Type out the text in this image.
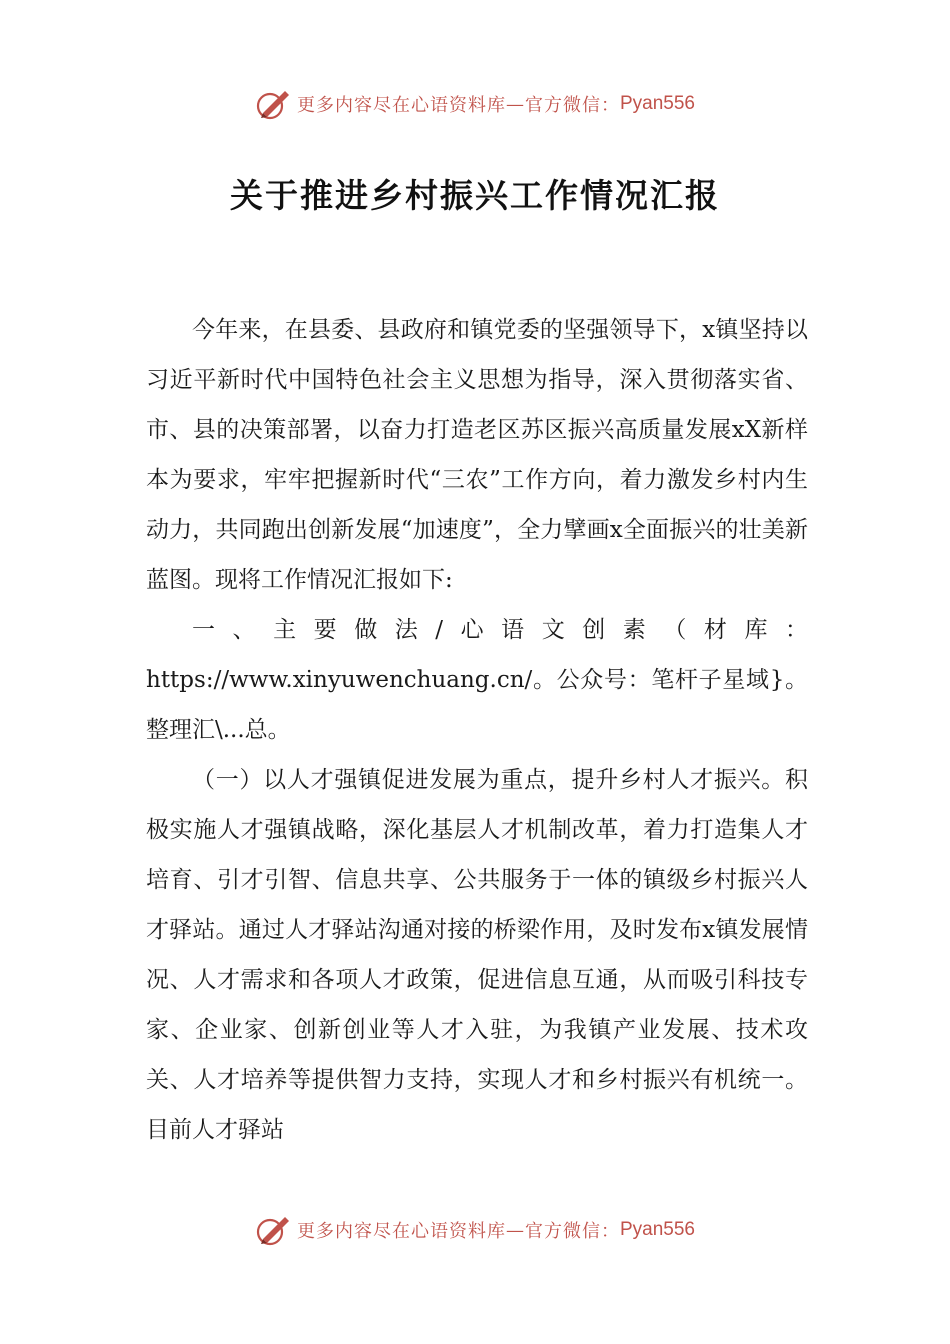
更多内容尽在心语资料库 — 官方微信： Pyan556
关于推进乡村振兴工作情况汇报

今年来，在县委、县政府和镇党委的坚强领导下，x镇坚持以习近平新时代中国特色社会主义思想为指导，深入贯彻落实省、市、县的决策部署，以奋力打造老区苏区振兴高质量发展xX新样本为要求，牢牢把握新时代“三农”工作方向，着力激发乡村内生动力，共同跑出创新发展“加速度”，全力擘画x全面振兴的壮美新蓝图。现将工作情况汇报如下:

一、主要做法/心语文创素（材库：https://www.xinyuwenchuang.cn/。公众号：笔杆子星域}。整理汇\...总。

（一）以人才强镇促进发展为重点，提升乡村人才振兴。积极实施人才强镇战略，深化基层人才机制改革，着力打造集人才培育、引才引智、信息共享、公共服务于一体的镇级乡村振兴人才驿站。通过人才驿站沟通对接的桥梁作用，及时发布x镇发展情况、人才需求和各项人才政策，促进信息互通，从而吸引科技专家、企业家、创新创业等人才入驻，为我镇产业发展、技术攻关、人才培养等提供智力支持，实现人才和乡村振兴有机统一。目前人才驿站

更多内容尽在心语资料库 — 官方微信： Pyan556
